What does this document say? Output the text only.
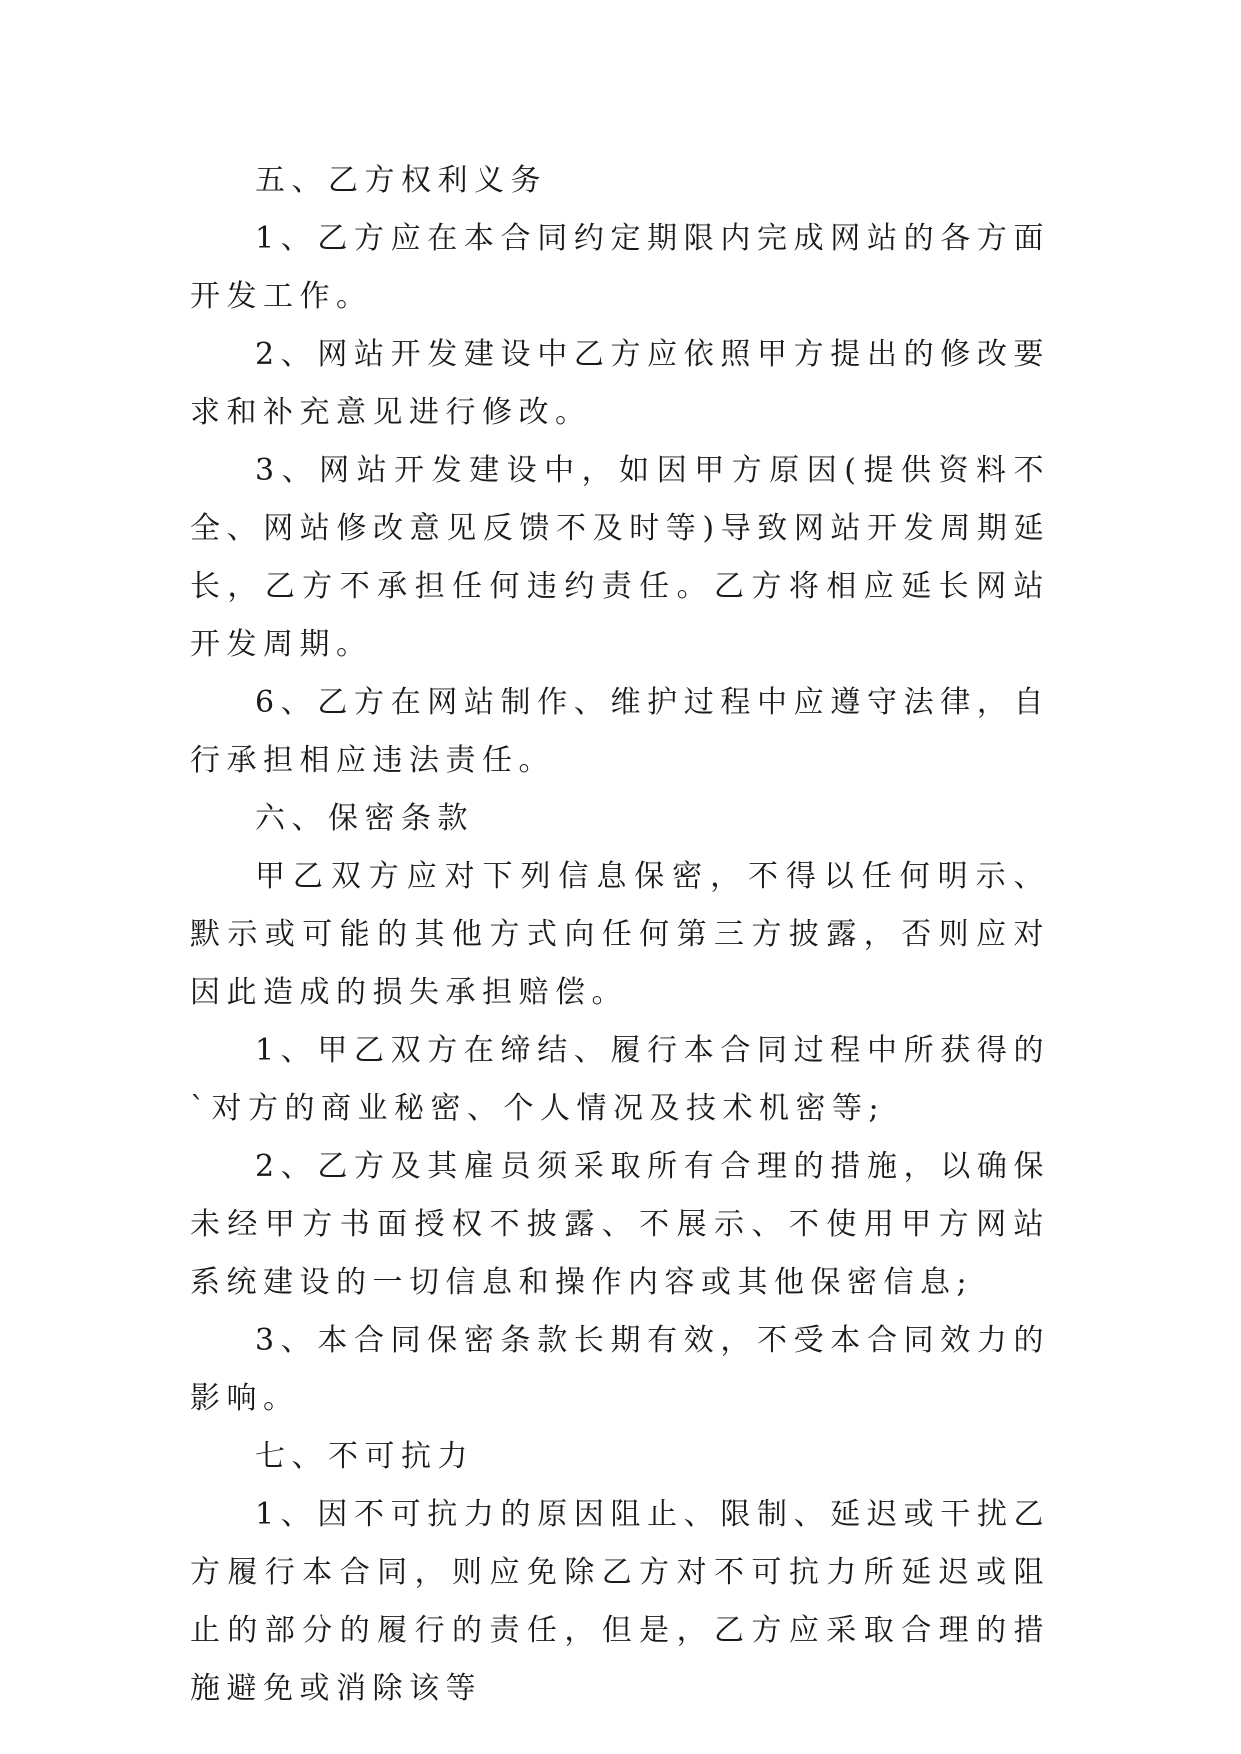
五、乙方权利义务

1、乙方应在本合同约定期限内完成网站的各方面开发工作。

2、网站开发建设中乙方应依照甲方提出的修改要求和补充意见进行修改。

3、网站开发建设中，如因甲方原因(提供资料不全、网站修改意见反馈不及时等)导致网站开发周期延长，乙方不承担任何违约责任。乙方将相应延长网站开发周期。

6、乙方在网站制作、维护过程中应遵守法律，自行承担相应违法责任。

六、保密条款

甲乙双方应对下列信息保密，不得以任何明示、默示或可能的其他方式向任何第三方披露，否则应对因此造成的损失承担赔偿。

1、甲乙双方在缔结、履行本合同过程中所获得的`对方的商业秘密、个人情况及技术机密等;

2、乙方及其雇员须采取所有合理的措施，以确保未经甲方书面授权不披露、不展示、不使用甲方网站系统建设的一切信息和操作内容或其他保密信息;

3、本合同保密条款长期有效，不受本合同效力的影响。

七、不可抗力

1、因不可抗力的原因阻止、限制、延迟或干扰乙方履行本合同，则应免除乙方对不可抗力所延迟或阻止的部分的履行的责任，但是，乙方应采取合理的措施避免或消除该等
